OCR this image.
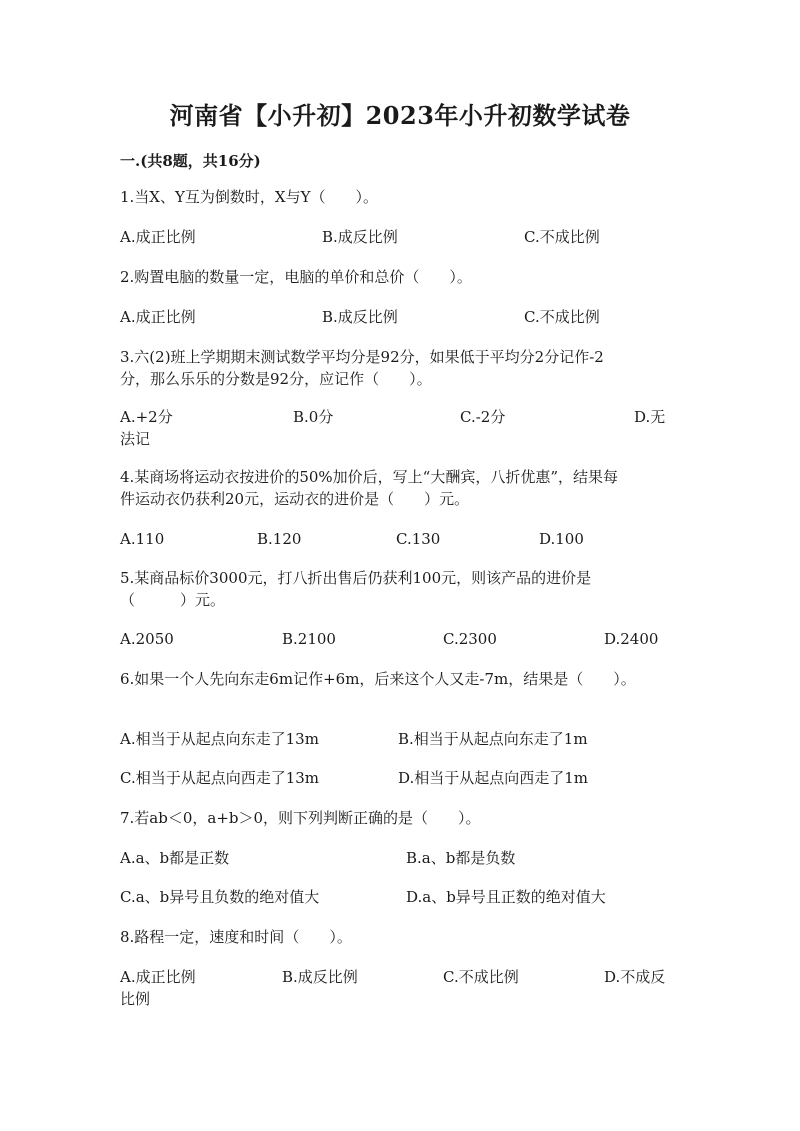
河南省【小升初】2023年小升初数学试卷
一.(共8题，共16分)
1.当X、Y互为倒数时，X与Y（　　）。
A.成正比例	B.成反比例	C.不成比例
2.购置电脑的数量一定，电脑的单价和总价（　　）。
A.成正比例	B.成反比例	C.不成比例
3.六(2)班上学期期末测试数学平均分是92分，如果低于平均分2分记作-2
分，那么乐乐的分数是92分，应记作（　　）。
A.+2分	B.0分	C.-2分	D.无
法记
4.某商场将运动衣按进价的50%加价后，写上“大酬宾，八折优惠”，结果每
件运动衣仍获利20元，运动衣的进价是（　　）元。
A.110	B.120	C.130	D.100
5.某商品标价3000元，打八折出售后仍获利100元，则该产品的进价是
（　　　）元。
A.2050	B.2100	C.2300	D.2400
6.如果一个人先向东走6m记作+6m，后来这个人又走-7m，结果是（　　）。
A.相当于从起点向东走了13m	B.相当于从起点向东走了1m
C.相当于从起点向西走了13m	D.相当于从起点向西走了1m
7.若ab＜0，a+b＞0，则下列判断正确的是（　　）。
A.a、b都是正数	B.a、b都是负数
C.a、b异号且负数的绝对值大	D.a、b异号且正数的绝对值大
8.路程一定，速度和时间（　　）。
A.成正比例	B.成反比例	C.不成比例	D.不成反
比例
